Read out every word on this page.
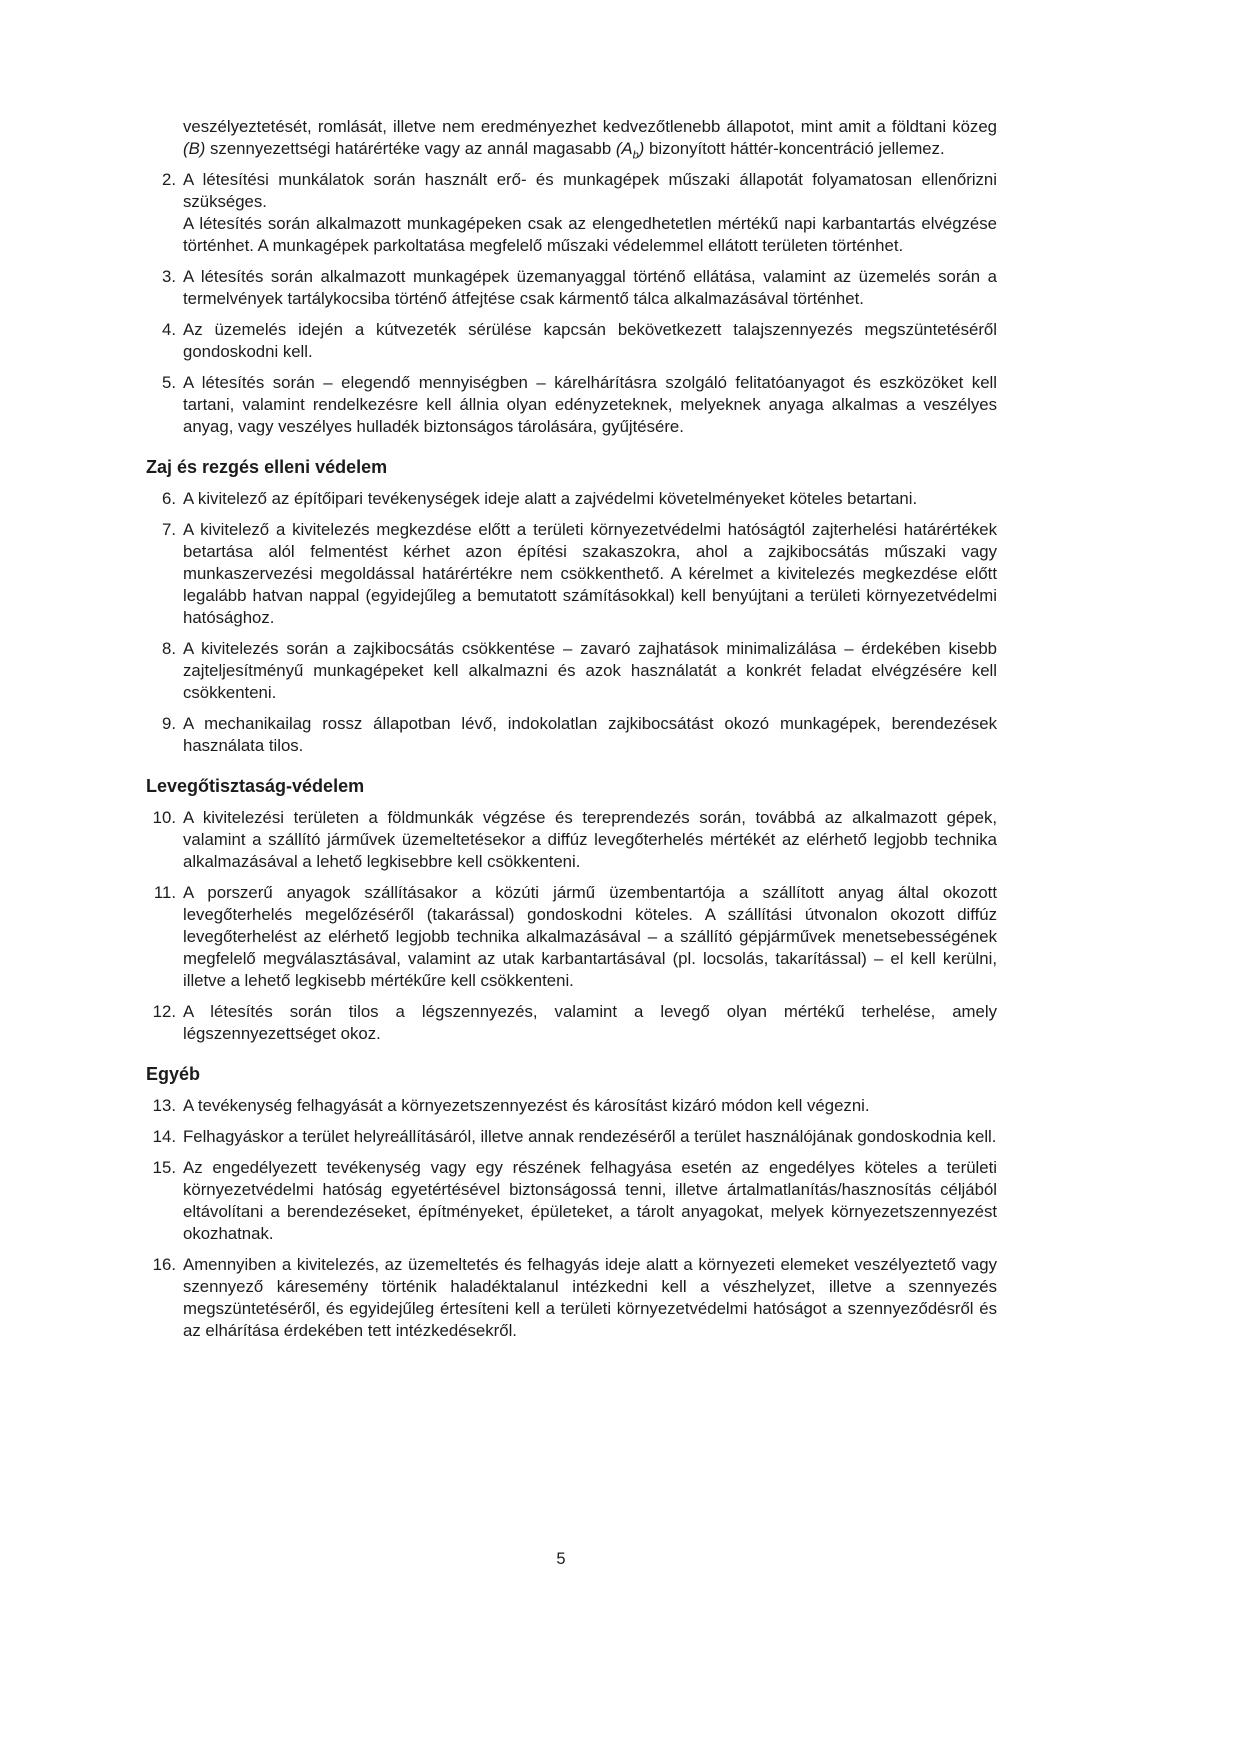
veszélyeztetését, romlását, illetve nem eredményezhet kedvezőtlenebb állapotot, mint amit a földtani közeg (B) szennyezettségi határértéke vagy az annál magasabb $(A_b)$ bizonyított háttér-koncentráció jellemez.
2. A létesítési munkálatok során használt erő- és munkagépek műszaki állapotát folyamatosan ellenőrizni szükséges.
A létesítés során alkalmazott munkagépeken csak az elengedhetetlen mértékű napi karbantartás elvégzése történhet. A munkagépek parkoltatása megfelelő műszaki védelemmel ellátott területen történhet.
3. A létesítés során alkalmazott munkagépek üzemanyaggal történő ellátása, valamint az üzemelés során a termelvények tartálykocsiba történő átfejtése csak kármentő tálca alkalmazásával történhet.
4. Az üzemelés idején a kútvezeték sérülése kapcsán bekövetkezett talajszennyezés megszüntetéséről gondoskodni kell.
5. A létesítés során – elegendő mennyiségben – kárelhárításra szolgáló felitatóanyagot és eszközöket kell tartani, valamint rendelkezésre kell állnia olyan edényzeteknek, melyeknek anyaga alkalmas a veszélyes anyag, vagy veszélyes hulladék biztonságos tárolására, gyűjtésére.
Zaj és rezgés elleni védelem
6. A kivitelező az építőipari tevékenységek ideje alatt a zajvédelmi követelményeket köteles betartani.
7. A kivitelező a kivitelezés megkezdése előtt a területi környezetvédelmi hatóságtól zajterhelési határértékek betartása alól felmentést kérhet azon építési szakaszokra, ahol a zajkibocsátás műszaki vagy munkaszervezési megoldással határértékre nem csökkenthető. A kérelmet a kivitelezés megkezdése előtt legalább hatvan nappal (egyidejűleg a bemutatott számításokkal) kell benyújtani a területi környezetvédelmi hatósághoz.
8. A kivitelezés során a zajkibocsátás csökkentése – zavaró zajhatások minimalizálása – érdekében kisebb zajteljesítményű munkagépeket kell alkalmazni és azok használatát a konkrét feladat elvégzésére kell csökkenteni.
9. A mechanikailag rossz állapotban lévő, indokolatlan zajkibocsátást okozó munkagépek, berendezések használata tilos.
Levegőtisztaság-védelem
10. A kivitelezési területen a földmunkák végzése és tereprendezés során, továbbá az alkalmazott gépek, valamint a szállító járművek üzemeltetésekor a diffúz levegőterhelés mértékét az elérhető legjobb technika alkalmazásával a lehető legkisebbre kell csökkenteni.
11. A porszerű anyagok szállításakor a közúti jármű üzembentartója a szállított anyag által okozott levegőterhelés megelőzéséről (takarással) gondoskodni köteles. A szállítási útvonalon okozott diffúz levegőterhelést az elérhető legjobb technika alkalmazásával – a szállító gépjárművek menetsebességének megfelelő megválasztásával, valamint az utak karbantartásával (pl. locsolás, takarítással) – el kell kerülni, illetve a lehető legkisebb mértékűre kell csökkenteni.
12. A létesítés során tilos a légszennyezés, valamint a levegő olyan mértékű terhelése, amely légszennyezettséget okoz.
Egyéb
13. A tevékenység felhagyását a környezetszennyezést és károsítást kizáró módon kell végezni.
14. Felhagyáskor a terület helyreállításáról, illetve annak rendezéséről a terület használójának gondoskodnia kell.
15. Az engedélyezett tevékenység vagy egy részének felhagyása esetén az engedélyes köteles a területi környezetvédelmi hatóság egyetértésével biztonságossá tenni, illetve ártalmatlanítás/hasznosítás céljából eltávolítani a berendezéseket, építményeket, épületeket, a tárolt anyagokat, melyek környezetszennyezést okozhatnak.
16. Amennyiben a kivitelezés, az üzemeltetés és felhagyás ideje alatt a környezeti elemeket veszélyeztető vagy szennyező káresemény történik haladéktalanul intézkedni kell a vészhelyzet, illetve a szennyezés megszüntetéséről, és egyidejűleg értesíteni kell a területi környezetvédelmi hatóságot a szennyeződésről és az elhárítása érdekében tett intézkedésekről.
5
